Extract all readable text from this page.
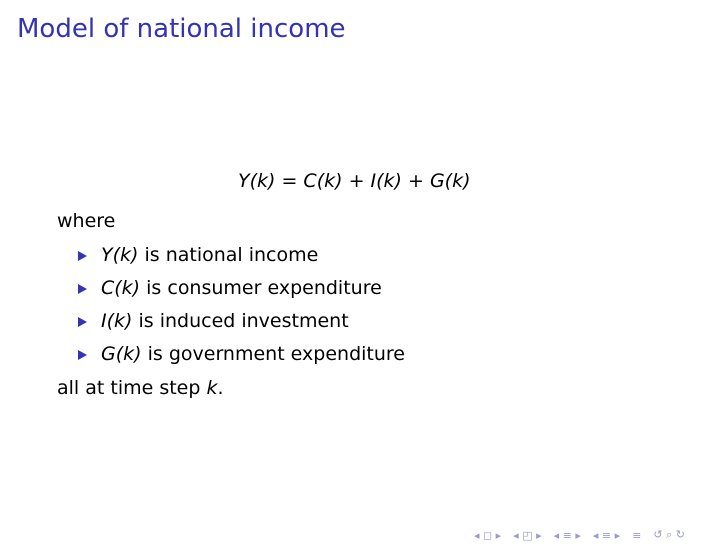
Model of national income
Y(k) = C(k) + I(k) + G(k)
where
Y(k) is national income
C(k) is consumer expenditure
I(k) is induced investment
G(k) is government expenditure
all at time step k.
◂ ◻ ▸ ◂ ◰ ▸ ◂ ≡ ▸ ◂ ≡ ▸ ≡ ↺ ⌕ ↻
